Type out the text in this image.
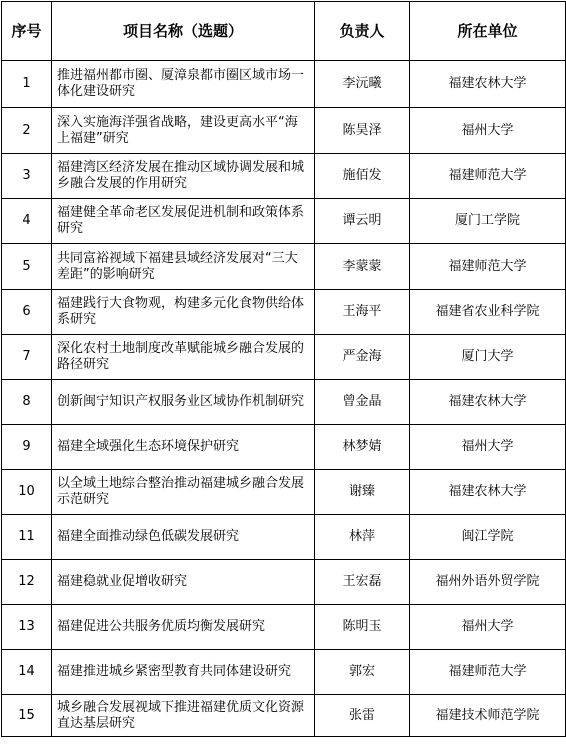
序号	项目名称（选题）	负责人	所在单位
1	推进福州都市圈、厦漳泉都市圈区域市场一体化建设研究	李沅曦	福建农林大学
2	深入实施海洋强省战略，建设更高水平“海上福建”研究	陈昊泽	福州大学
3	福建湾区经济发展在推动区域协调发展和城乡融合发展的作用研究	施佰发	福建师范大学
4	福建健全革命老区发展促进机制和政策体系研究	谭云明	厦门工学院
5	共同富裕视域下福建县域经济发展对“三大差距”的影响研究	李蒙蒙	福建师范大学
6	福建践行大食物观，构建多元化食物供给体系研究	王海平	福建省农业科学院
7	深化农村土地制度改革赋能城乡融合发展的路径研究	严金海	厦门大学
8	创新闽宁知识产权服务业区域协作机制研究	曾金晶	福建农林大学
9	福建全域强化生态环境保护研究	林梦婧	福州大学
10	以全域土地综合整治推动福建城乡融合发展示范研究	谢臻	福建农林大学
11	福建全面推动绿色低碳发展研究	林萍	闽江学院
12	福建稳就业促增收研究	王宏磊	福州外语外贸学院
13	福建促进公共服务优质均衡发展研究	陈明玉	福州大学
14	福建推进城乡紧密型教育共同体建设研究	郭宏	福建师范大学
15	城乡融合发展视域下推进福建优质文化资源直达基层研究	张雷	福建技术师范学院
